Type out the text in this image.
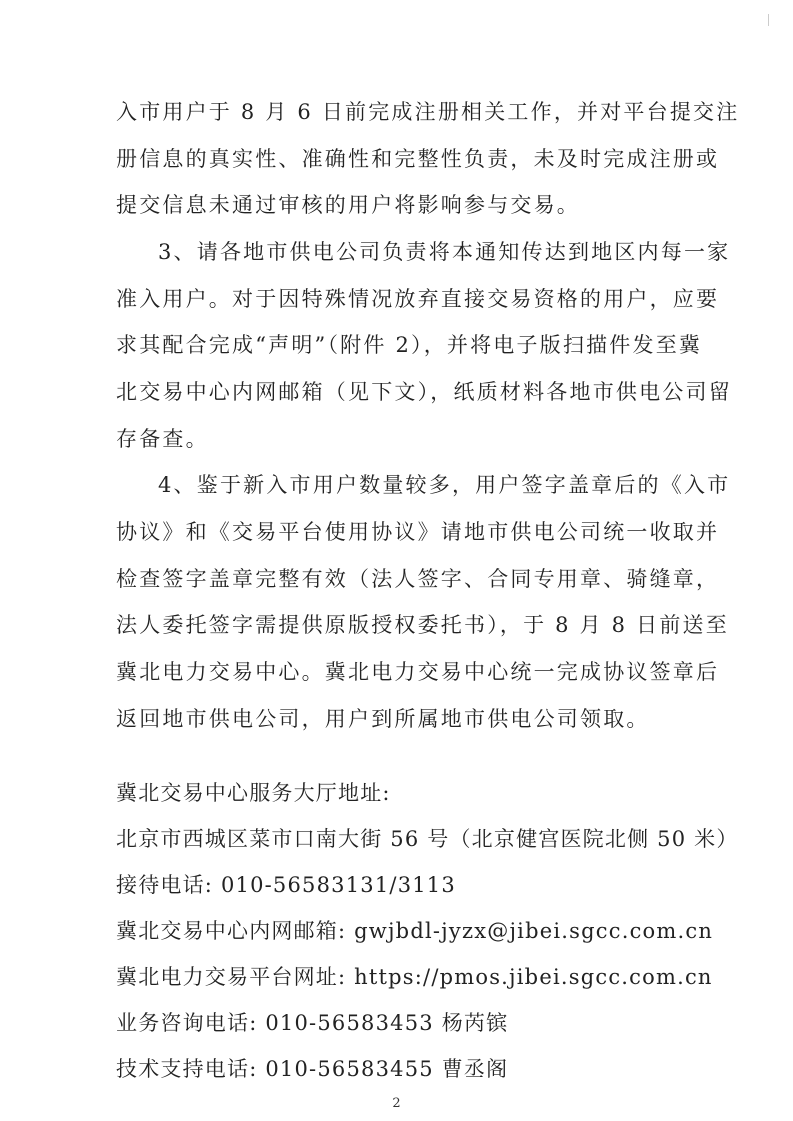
入市用户于 8 月 6 日前完成注册相关工作，并对平台提交注
册信息的真实性、准确性和完整性负责，未及时完成注册或
提交信息未通过审核的用户将影响参与交易。
3、请各地市供电公司负责将本通知传达到地区内每一家
准入用户。对于因特殊情况放弃直接交易资格的用户，应要
求其配合完成“声明”（附件 2），并将电子版扫描件发至冀
北交易中心内网邮箱（见下文），纸质材料各地市供电公司留
存备查。
4、鉴于新入市用户数量较多，用户签字盖章后的《入市
协议》和《交易平台使用协议》请地市供电公司统一收取并
检查签字盖章完整有效（法人签字、合同专用章、骑缝章，
法人委托签字需提供原版授权委托书），于 8 月 8 日前送至
冀北电力交易中心。冀北电力交易中心统一完成协议签章后
返回地市供电公司，用户到所属地市供电公司领取。
冀北交易中心服务大厅地址:
北京市西城区菜市口南大街 56 号（北京健宫医院北侧 50 米）
接待电话: 010-56583131/3113
冀北交易中心内网邮箱: gwjbdl-jyzx@jibei.sgcc.com.cn
冀北电力交易平台网址: https://pmos.jibei.sgcc.com.cn
业务咨询电话: 010-56583453 杨芮镔
技术支持电话: 010-56583455 曹丞阁
2
